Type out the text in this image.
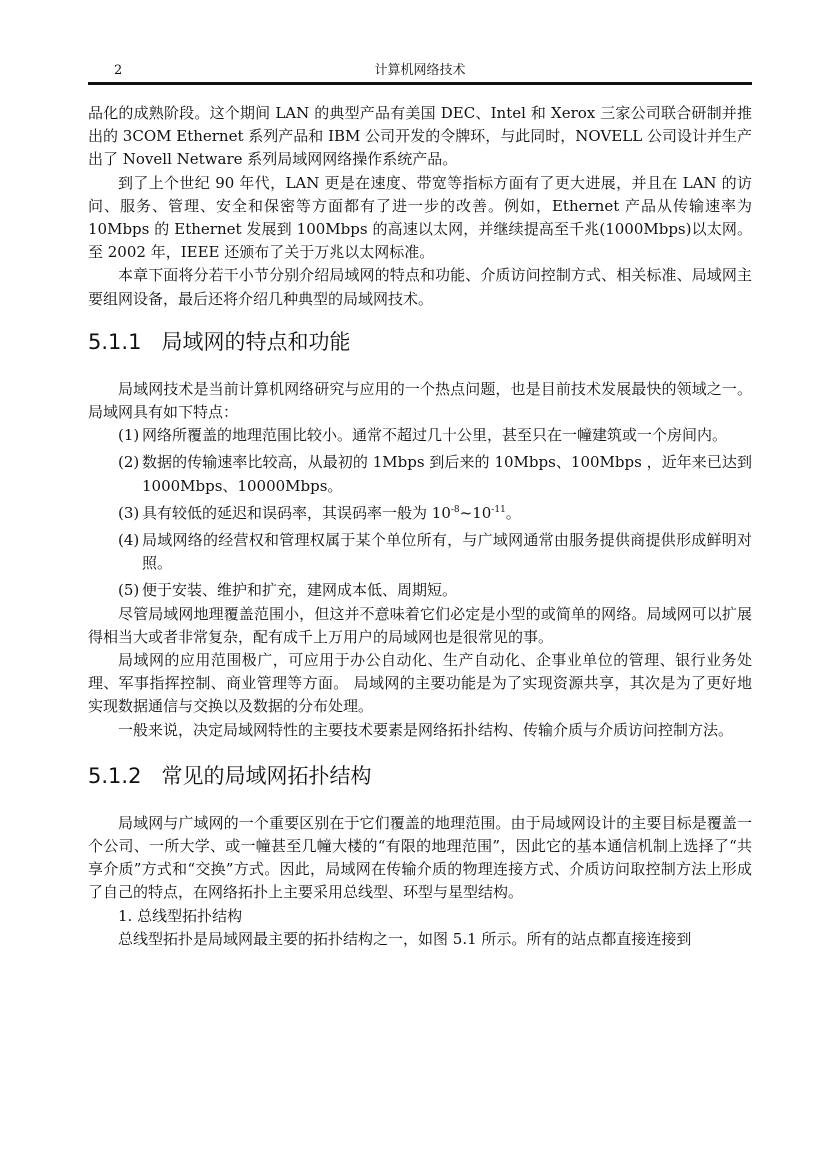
2	计算机网络技术

品化的成熟阶段。这个期间 LAN 的典型产品有美国 DEC、Intel 和 Xerox 三家公司联合研制并推出的 3COM Ethernet 系列产品和 IBM 公司开发的令牌环，与此同时，NOVELL 公司设计并生产出了 Novell Netware 系列局域网网络操作系统产品。

到了上个世纪 90 年代，LAN 更是在速度、带宽等指标方面有了更大进展，并且在 LAN 的访问、服务、管理、安全和保密等方面都有了进一步的改善。例如，Ethernet 产品从传输速率为 10Mbps 的 Ethernet 发展到 100Mbps 的高速以太网，并继续提高至千兆(1000Mbps)以太网。至 2002 年，IEEE 还颁布了关于万兆以太网标准。

本章下面将分若干小节分别介绍局域网的特点和功能、介质访问控制方式、相关标准、局域网主要组网设备，最后还将介绍几种典型的局域网技术。

5.1.1   局域网的特点和功能

局域网技术是当前计算机网络研究与应用的一个热点问题，也是目前技术发展最快的领域之一。局域网具有如下特点：

(1) 网络所覆盖的地理范围比较小。通常不超过几十公里，甚至只在一幢建筑或一个房间内。
(2) 数据的传输速率比较高，从最初的 1Mbps 到后来的 10Mbps、100Mbps ，近年来已达到 1000Mbps、10000Mbps。
(3) 具有较低的延迟和误码率，其误码率一般为 $10^{-8}\sim 10^{-11}$。
(4) 局域网络的经营权和管理权属于某个单位所有，与广域网通常由服务提供商提供形成鲜明对照。
(5) 便于安装、维护和扩充，建网成本低、周期短。

尽管局域网地理覆盖范围小，但这并不意味着它们必定是小型的或简单的网络。局域网可以扩展得相当大或者非常复杂，配有成千上万用户的局域网也是很常见的事。

局域网的应用范围极广，可应用于办公自动化、生产自动化、企事业单位的管理、银行业务处理、军事指挥控制、商业管理等方面。 局域网的主要功能是为了实现资源共享，其次是为了更好地实现数据通信与交换以及数据的分布处理。

一般来说，决定局域网特性的主要技术要素是网络拓扑结构、传输介质与介质访问控制方法。

5.1.2   常见的局域网拓扑结构

局域网与广域网的一个重要区别在于它们覆盖的地理范围。由于局域网设计的主要目标是覆盖一个公司、一所大学、或一幢甚至几幢大楼的“有限的地理范围”，因此它的基本通信机制上选择了“共享介质”方式和“交换”方式。因此，局域网在传输介质的物理连接方式、介质访问取控制方法上形成了自己的特点，在网络拓扑上主要采用总线型、环型与星型结构。

1. 总线型拓扑结构

总线型拓扑是局域网最主要的拓扑结构之一，如图 5.1 所示。所有的站点都直接连接到
